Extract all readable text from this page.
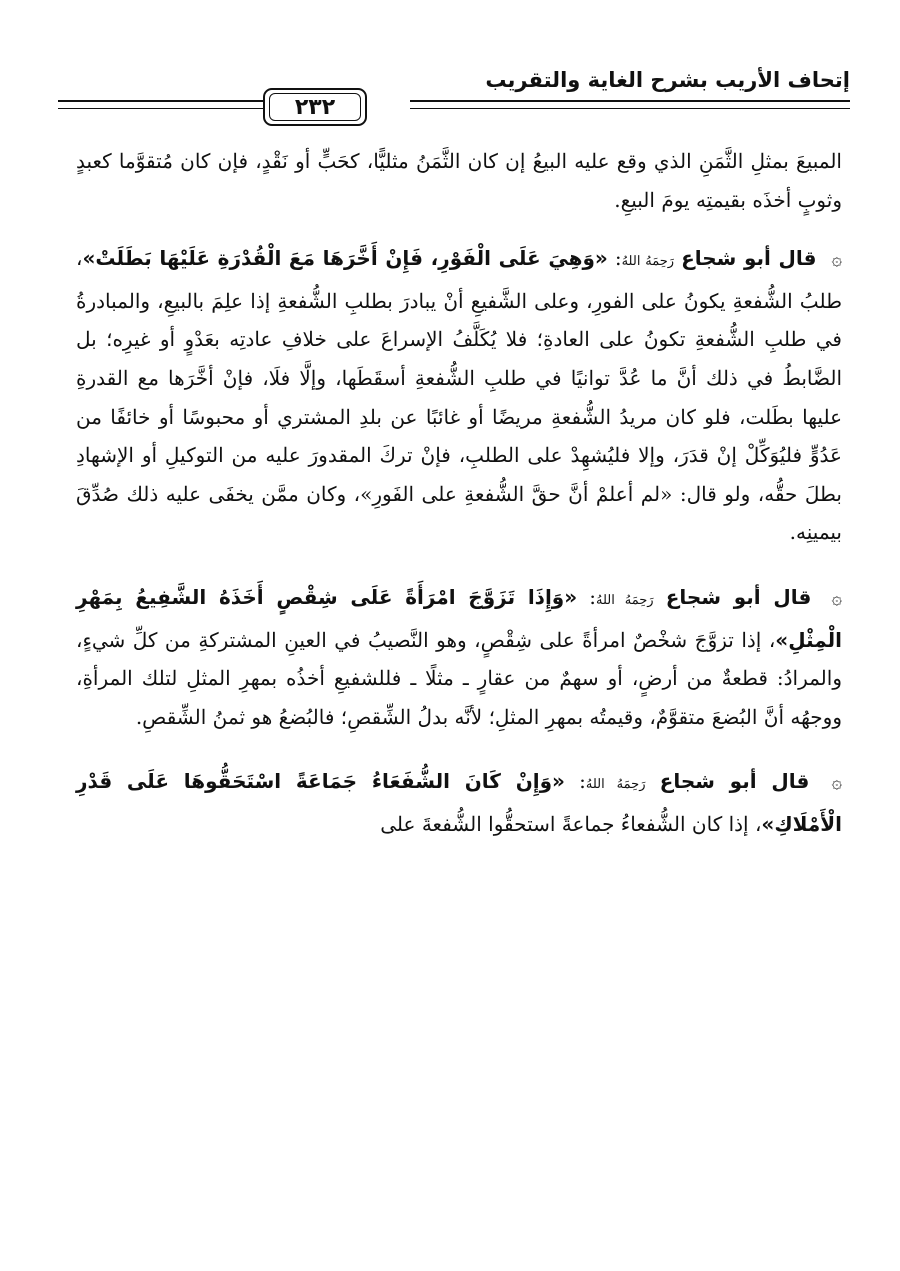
إتحاف الأريب بشرح الغاية والتقريب
٢٣٢

المبيعَ بمثلِ الثَّمَنِ الذي وقع عليه البيعُ إن كان الثَّمَنُ مثليًّا، كحَبٍّ أو نَقْدٍ، فإن كان مُتقوَّما كعبدٍ وثوبٍ أخذَه بقيمتِه يومَ البيعِ.

۞ قال أبو شجاع رَحِمَهُ اللهُ: «وَهِيَ عَلَى الْفَوْرِ، فَإِنْ أَخَّرَهَا مَعَ الْقُدْرَةِ عَلَيْهَا بَطَلَتْ»، طلبُ الشُّفعةِ يكونُ على الفورِ، وعلى الشَّفيعِ أنْ يبادرَ بطلبِ الشُّفعةِ إذا علِمَ بالبيعِ، والمبادرةُ في طلبِ الشُّفعةِ تكونُ على العادةِ؛ فلا يُكَلَّفُ الإسراعَ على خلافِ عادتِه بعَدْوٍ أو غيرِه؛ بل الضَّابطُ في ذلك أنَّ ما عُدَّ توانيًا في طلبِ الشُّفعةِ أسقَطَها، وإلَّا فلَا، فإنْ أخَّرَها مع القدرةِ عليها بطَلت، فلو كان مريدُ الشُّفعةِ مريضًا أو غائبًا عن بلدِ المشتري أو محبوسًا أو خائفًا من عَدُوٍّ فليُوَكِّلْ إنْ قدَرَ، وإلا فليُشهِدْ على الطلبِ، فإنْ تركَ المقدورَ عليه من التوكيلِ أو الإشهادِ بطلَ حقُّه، ولو قال: «لم أعلمْ أنَّ حقَّ الشُّفعةِ على الفَورِ»، وكان ممَّن يخفَى عليه ذلك صُدِّقَ بيمينِه.

۞ قال أبو شجاع رَحِمَهُ اللهُ: «وَإِذَا تَزَوَّجَ امْرَأَةً عَلَى شِقْصٍ أَخَذَهُ الشَّفِيعُ بِمَهْرِ الْمِثْلِ»، إذا تزوَّجَ شخْصٌ امرأةً على شِقْصٍ، وهو النَّصيبُ في العينِ المشتركةِ من كلِّ شيءٍ، والمرادُ: قطعةٌ من أرضٍ، أو سهمٌ من عقارٍ ـ مثلًا ـ فللشفيعِ أخذُه بمهرِ المثلِ لتلك المرأةِ، ووجهُه أنَّ البُضعَ متقوَّمٌ، وقيمتُه بمهرِ المثلِ؛ لأنَّه بدلُ الشِّقصِ؛ فالبُضعُ هو ثمنُ الشِّقصِ.

۞ قال أبو شجاع رَحِمَهُ اللهُ: «وَإِنْ كَانَ الشُّفَعَاءُ جَمَاعَةً اسْتَحَقُّوهَا عَلَى قَدْرِ الْأَمْلَاكِ»، إذا كان الشُّفعاءُ جماعةً استحقُّوا الشُّفعةَ على
